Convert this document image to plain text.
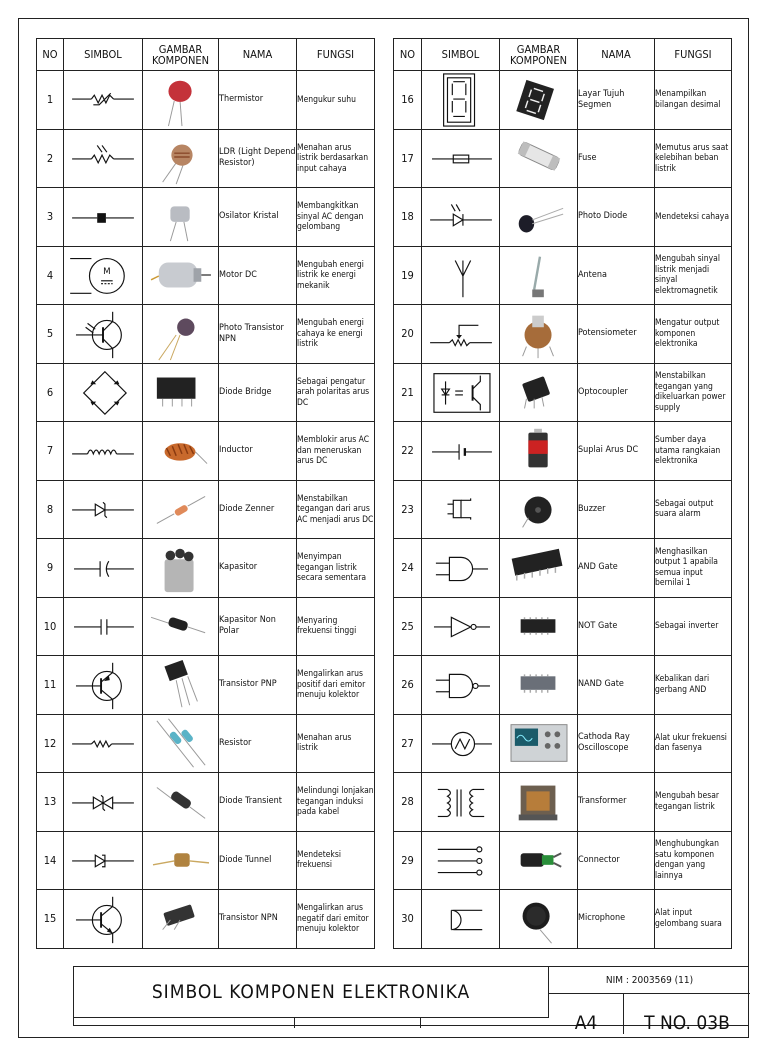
NO	SIMBOL	GAMBAR KOMPONEN	NAMA	FUNGSI
1			Thermistor	Mengukur suhu
2			LDR (Light Depend Resistor)	Menahan arus listrik berdasarkan input cahaya
3			Osilator Kristal	Membangkitkan sinyal AC dengan gelombang
4	M		Motor DC	Mengubah energi listrik ke energi mekanik
5			Photo Transistor NPN	Mengubah energi cahaya ke energi listrik
6			Diode Bridge	Sebagai pengatur arah polaritas arus DC
7			Inductor	Memblokir arus AC dan meneruskan arus DC
8			Diode Zenner	Menstabilkan tegangan dari arus AC menjadi arus DC
9			Kapasitor	Menyimpan tegangan listrik secara sementara
10			Kapasitor Non Polar	Menyaring frekuensi tinggi
11			Transistor PNP	Mengalirkan arus positif dari emitor menuju kolektor
12			Resistor	Menahan arus listrik
13			Diode Transient	Melindungi lonjakan tegangan induksi pada kabel
14			Diode Tunnel	Mendeteksi frekuensi
15			Transistor NPN	Mengalirkan arus negatif dari emitor menuju kolektor
NO	SIMBOL	GAMBAR KOMPONEN	NAMA	FUNGSI
16			Layar Tujuh Segmen	Menampilkan bilangan desimal
17			Fuse	Memutus arus saat kelebihan beban listrik
18			Photo Diode	Mendeteksi cahaya
19			Antena	Mengubah sinyal listrik menjadi sinyal elektromagnetik
20			Potensiometer	Mengatur output komponen elektronika
21			Optocoupler	Menstabilkan tegangan yang dikeluarkan power supply
22			Suplai Arus DC	Sumber daya utama rangkaian elektronika
23			Buzzer	Sebagai output suara alarm
24			AND Gate	Menghasilkan output 1 apabila semua input bernilai 1
25			NOT Gate	Sebagai inverter
26			NAND Gate	Kebalikan dari gerbang AND
27			Cathoda Ray Oscilloscope	Alat ukur frekuensi dan fasenya
28			Transformer	Mengubah besar tegangan listrik
29			Connector	Menghubungkan satu komponen dengan yang lainnya
30			Microphone	Alat input gelombang suara
SIMBOL KOMPONEN ELEKTRONIKA
NIM : 2003569 (11)
A4	T NO. 03B
